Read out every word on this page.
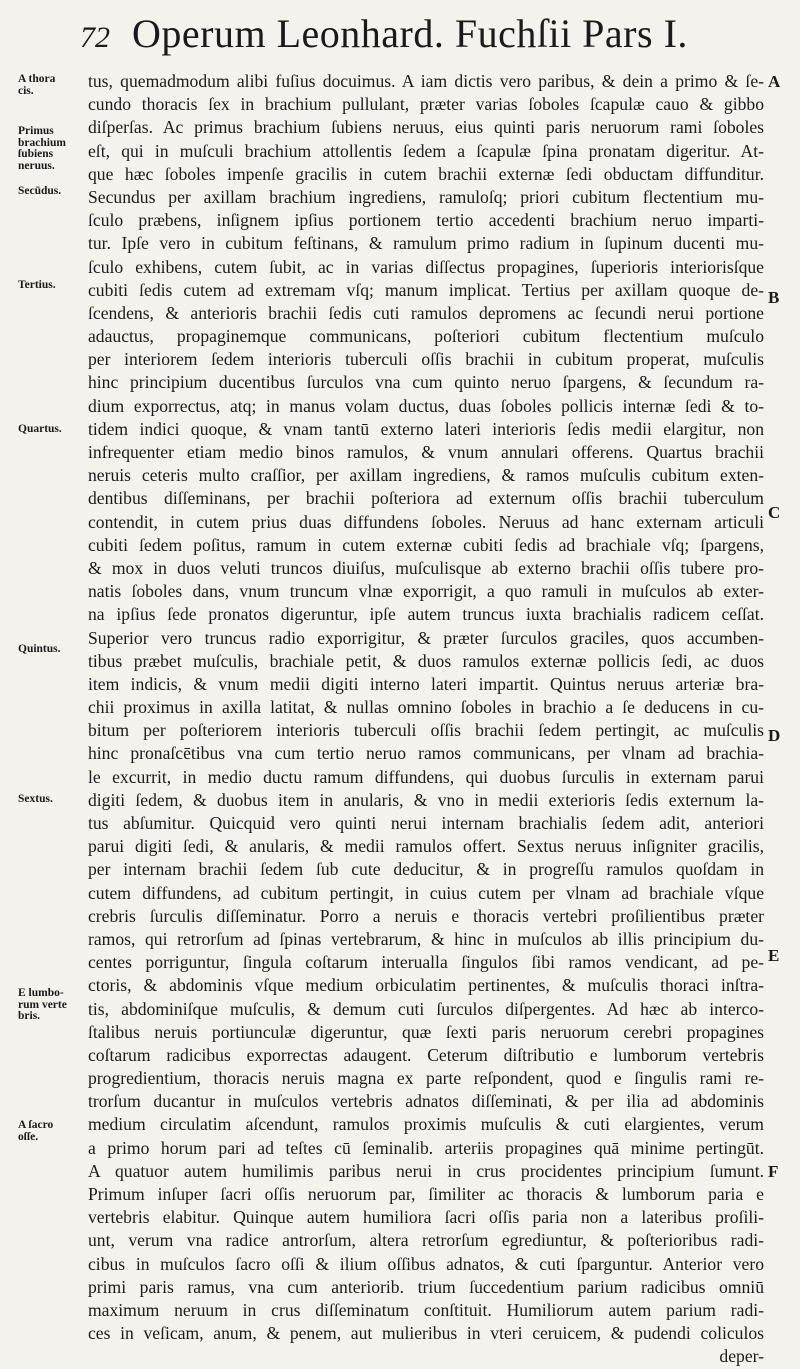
72 Operum Leonhard. Fuchſii Pars I.
tus, quemadmodum alibi fuſius docuimus. A iam dictis vero paribus, & dein a primo & ſe-
cundo thoracis ſex in brachium pullulant, præter varias ſoboles ſcapulæ cauo & gibbo
diſperſas. Ac primus brachium ſubiens neruus, eius quinti paris neruorum rami ſoboles
eſt, qui in muſculi brachium attollentis ſedem a ſcapulæ ſpina pronatam digeritur. At-
que hæc ſoboles impenſe gracilis in cutem brachii externæ ſedi obductam diffunditur.
Secundus per axillam brachium ingrediens, ramuloſq; priori cubitum flectentium mu-
ſculo præbens, inſignem ipſius portionem tertio accedenti brachium neruo imparti-
tur. Ipſe vero in cubitum feſtinans, & ramulum primo radium in ſupinum ducenti mu-
ſculo exhibens, cutem ſubit, ac in varias diſſectus propagines, ſuperioris interiorisſque
cubiti ſedis cutem ad extremam vſq; manum implicat. Tertius per axillam quoque de-
ſcendens, & anterioris brachii ſedis cuti ramulos depromens ac ſecundi nerui portione
adauctus, propaginemque communicans, poſteriori cubitum flectentium muſculo
per interiorem ſedem interioris tuberculi oſſis brachii in cubitum properat, muſculis
hinc principium ducentibus ſurculos vna cum quinto neruo ſpargens, & ſecundum ra-
dium exporrectus, atq; in manus volam ductus, duas ſoboles pollicis internæ ſedi & to-
tidem indici quoque, & vnam tantū externo lateri interioris ſedis medii elargitur, non
infrequenter etiam medio binos ramulos, & vnum annulari offerens. Quartus brachii
neruis ceteris multo craſſior, per axillam ingrediens, & ramos muſculis cubitum exten-
dentibus diſſeminans, per brachii poſteriora ad externum oſſis brachii tuberculum
contendit, in cutem prius duas diffundens ſoboles. Neruus ad hanc externam articuli
cubiti ſedem poſitus, ramum in cutem externæ cubiti ſedis ad brachiale vſq; ſpargens,
& mox in duos veluti truncos diuiſus, muſculisque ab externo brachii oſſis tubere pro-
natis ſoboles dans, vnum truncum vlnæ exporrigit, a quo ramuli in muſculos ab exter-
na ipſius ſede pronatos digeruntur, ipſe autem truncus iuxta brachialis radicem ceſſat.
Superior vero truncus radio exporrigitur, & præter ſurculos graciles, quos accumben-
tibus præbet muſculis, brachiale petit, & duos ramulos externæ pollicis ſedi, ac duos
item indicis, & vnum medii digiti interno lateri impartit. Quintus neruus arteriæ bra-
chii proximus in axilla latitat, & nullas omnino ſoboles in brachio a ſe deducens in cu-
bitum per poſteriorem interioris tuberculi oſſis brachii ſedem pertingit, ac muſculis
hinc pronaſcētibus vna cum tertio neruo ramos communicans, per vlnam ad brachia-
le excurrit, in medio ductu ramum diffundens, qui duobus ſurculis in externam parui
digiti ſedem, & duobus item in anularis, & vno in medii exterioris ſedis externum la-
tus abſumitur. Quicquid vero quinti nerui internam brachialis ſedem adit, anteriori
parui digiti ſedi, & anularis, & medii ramulos offert. Sextus neruus inſigniter gracilis,
per internam brachii ſedem ſub cute deducitur, & in progreſſu ramulos quoſdam in
cutem diffundens, ad cubitum pertingit, in cuius cutem per vlnam ad brachiale vſque
crebris ſurculis diſſeminatur. Porro a neruis e thoracis vertebri proſilientibus præter
ramos, qui retrorſum ad ſpinas vertebrarum, & hinc in muſculos ab illis principium du-
centes porriguntur, ſingula coſtarum interualla ſingulos ſibi ramos vendicant, ad pe-
ctoris, & abdominis vſque medium orbiculatim pertinentes, & muſculis thoraci inſtra-
tis, abdominiſque muſculis, & demum cuti ſurculos diſpergentes. Ad hæc ab interco-
ſtalibus neruis portiunculæ digeruntur, quæ ſexti paris neruorum cerebri propagines
coſtarum radicibus exporrectas adaugent. Ceterum diſtributio e lumborum vertebris
progredientium, thoracis neruis magna ex parte reſpondent, quod e ſingulis rami re-
trorſum ducantur in muſculos vertebris adnatos diſſeminati, & per ilia ad abdominis
medium circulatim aſcendunt, ramulos proximis muſculis & cuti elargientes, verum
a primo horum pari ad teſtes cū ſeminalib. arteriis propagines quā minime pertingūt.
A quatuor autem humilimis paribus nerui in crus procidentes principium ſumunt.
Primum inſuper ſacri oſſis neruorum par, ſimiliter ac thoracis & lumborum paria e
vertebris elabitur. Quinque autem humiliora ſacri oſſis paria non a lateribus proſili-
unt, verum vna radice antrorſum, altera retrorſum egrediuntur, & poſterioribus radi-
cibus in muſculos ſacro oſſi & ilium oſſibus adnatos, & cuti ſparguntur. Anterior vero
primi paris ramus, vna cum anteriorib. trium ſuccedentium parium radicibus omniū
maximum neruum in crus diſſeminatum conſtituit. Humiliorum autem parium radi-
ces in veſicam, anum, & penem, aut mulieribus in vteri ceruicem, & pudendi coliculos
deper-
A thora
cis.
Primus
brachium
ſubiens
neruus.
Secūdus.
Tertius.
Quartus.
Quintus.
Sextus.
E lumbo-
rum verte
bris.
A ſacro
oſſe.
A
B
C
D
E
F
